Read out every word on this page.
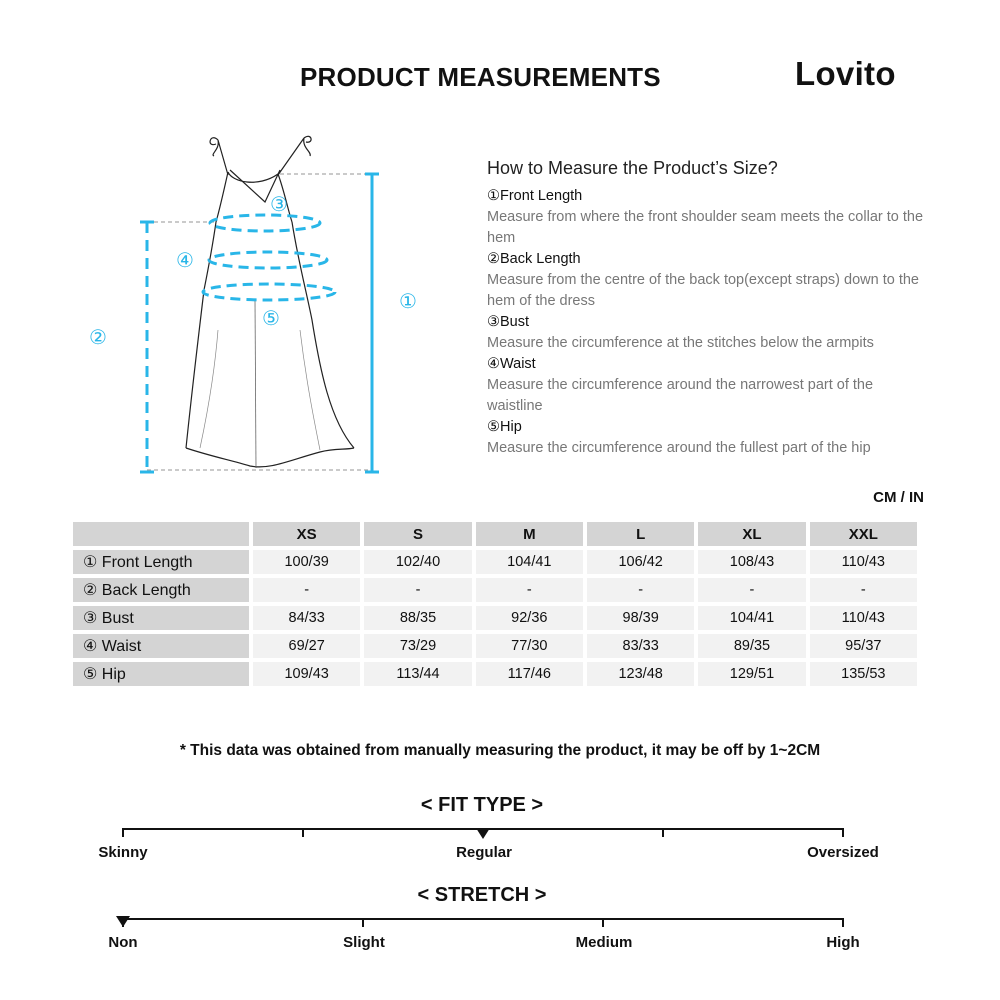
PRODUCT MEASUREMENTS	Lovito
①
②
③
④
⑤
How to Measure the Product’s Size?
①Front Length
Measure from where the front shoulder seam meets the collar to the hem
②Back Length
Measure from the centre of the back top(except straps) down to the hem of the dress
③Bust
Measure the circumference at the stitches below the armpits
④Waist
Measure the circumference around the narrowest part of the waistline
⑤Hip
Measure the circumference around the fullest part of the hip
CM / IN
	XS	S	M	L	XL	XXL
① Front Length	100/39	102/40	104/41	106/42	108/43	110/43
② Back Length	-	-	-	-	-	-
③ Bust	84/33	88/35	92/36	98/39	104/41	110/43
④ Waist	69/27	73/29	77/30	83/33	89/35	95/37
⑤ Hip	109/43	113/44	117/46	123/48	129/51	135/53
* This data was obtained from manually measuring the product, it may be off by 1~2CM
< FIT TYPE >
Skinny	Regular	Oversized
< STRETCH >
Non	Slight	Medium	High
